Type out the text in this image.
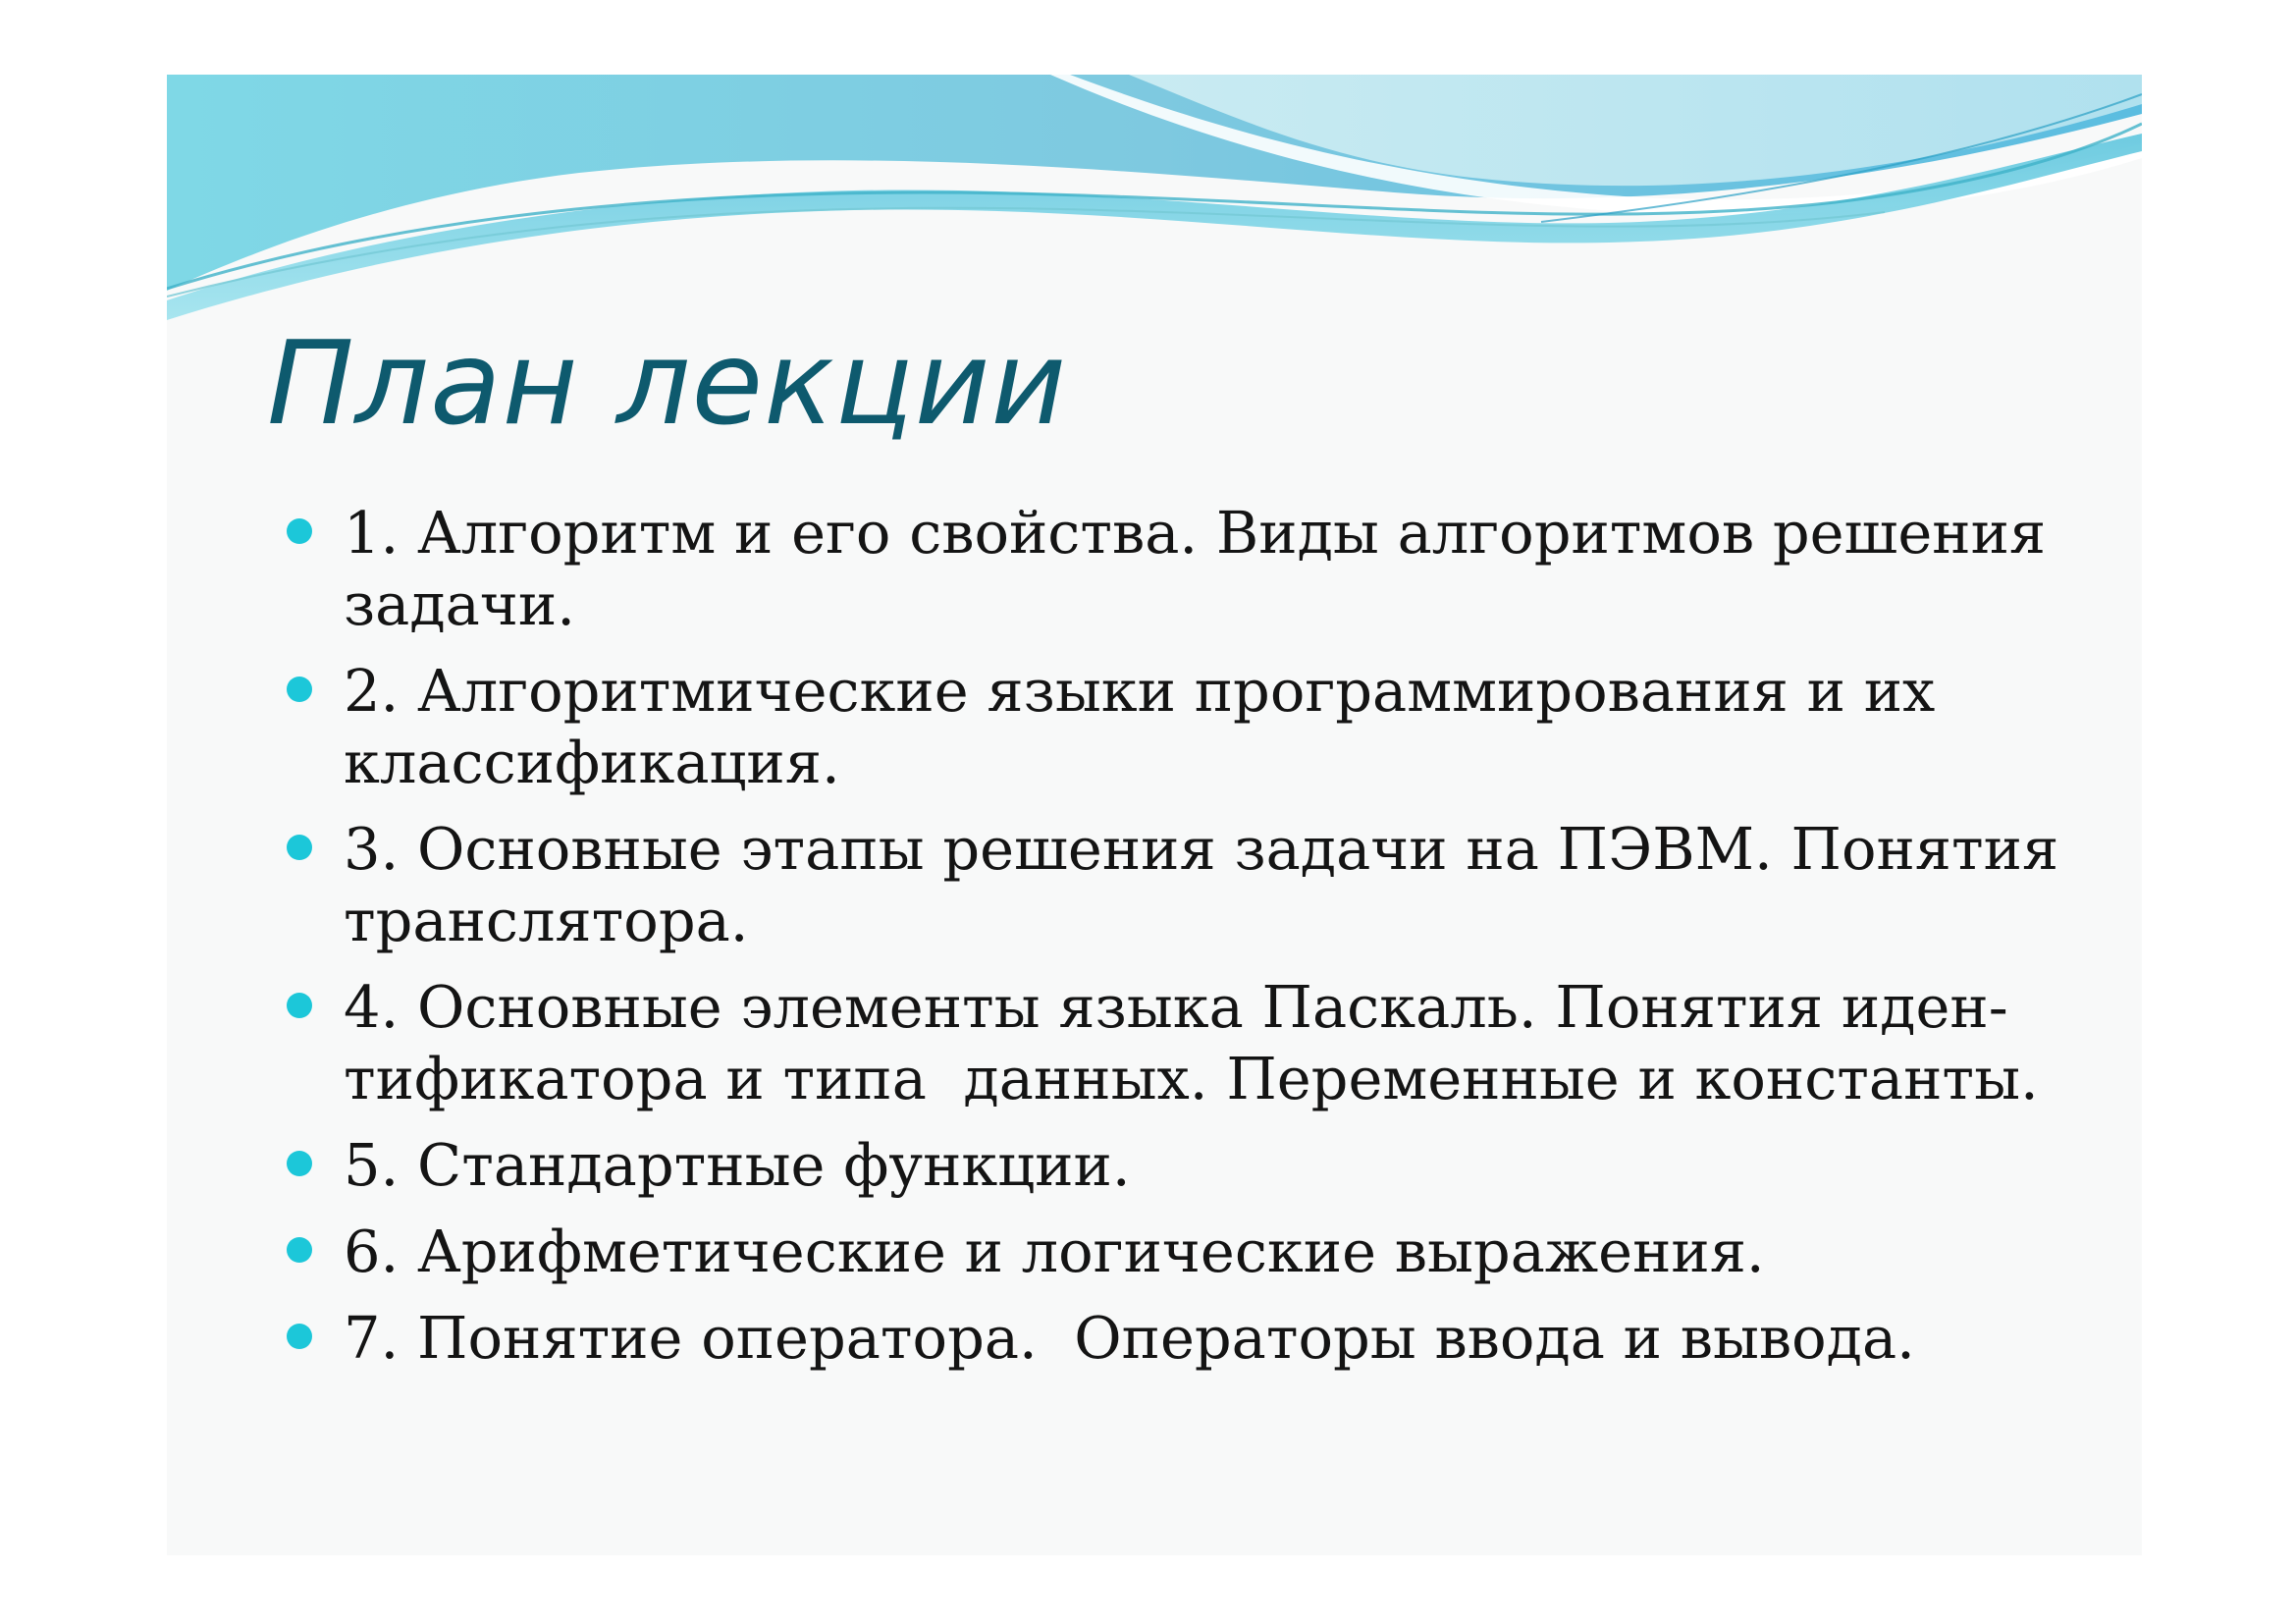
План лекции
1. Алгоритм и его свойства. Виды алгоритмов решения
задачи.
2. Алгоритмические языки программирования и их
классификация.
3. Основные этапы решения задачи на ПЭВМ. Понятия
транслятора.
4. Основные элементы языка Паскаль. Понятия иден-
тификатора и типа  данных. Переменные и константы.
5. Стандартные функции.
6. Арифметические и логические выражения.
7. Понятие оператора.  Операторы ввода и вывода.
